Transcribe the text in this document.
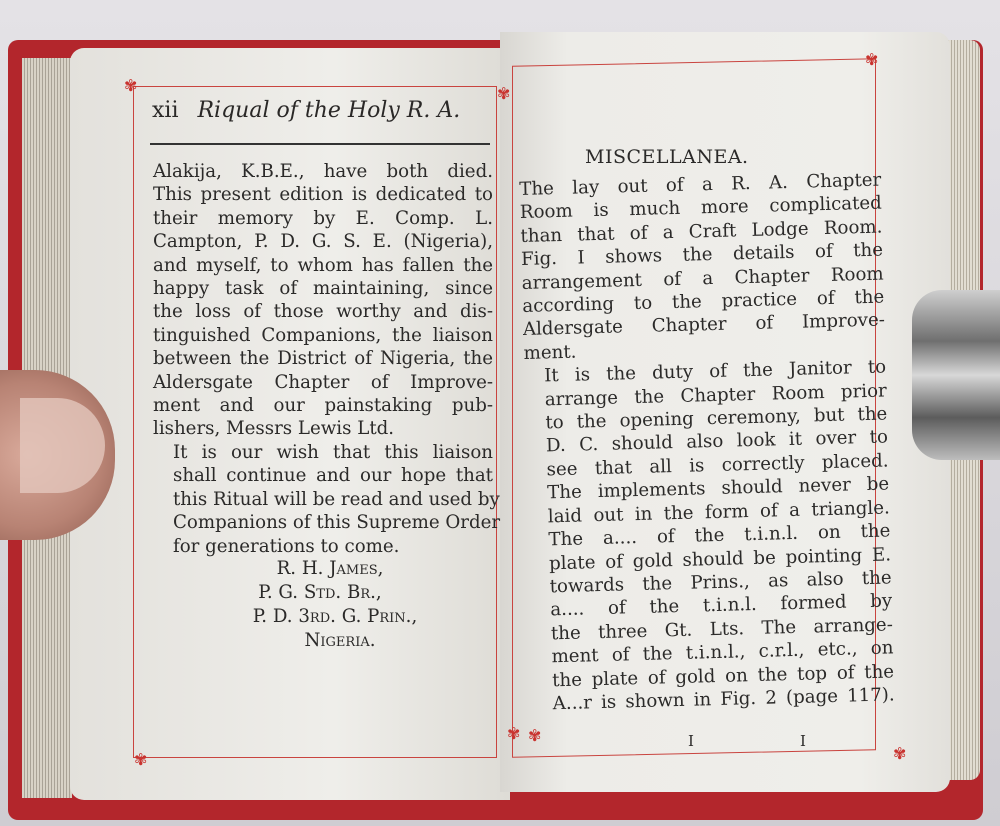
✾	✾
✾
✾
✾
✾
✾
xii Riqual of the Holy R. A.
Alakija, K.B.E., have both died.
This present edition is dedicated to
their memory by E. Comp. L.
Campton, P. D. G. S. E. (Nigeria),
and myself, to whom has fallen the
happy task of maintaining, since
the loss of those worthy and dis-
tinguished Companions, the liaison
between the District of Nigeria, the
Aldersgate Chapter of Improve-
ment and our painstaking pub-
lishers, Messrs Lewis Ltd.
It is our wish that this liaison
shall continue and our hope that
this Ritual will be read and used by
Companions of this Supreme Order
for generations to come.
R. H. James,
P. G. Std. Br.,
P. D. 3rd. G. Prin.,
Nigeria.
MISCELLANEA.
The lay out of a R. A. Chapter
Room is much more complicated
than that of a Craft Lodge Room.
Fig. I shows the details of the
arrangement of a Chapter Room
according to the practice of the
Aldersgate Chapter of Improve-
ment.
It is the duty of the Janitor to
arrange the Chapter Room prior
to the opening ceremony, but the
D. C. should also look it over to
see that all is correctly placed.
The implements should never be
laid out in the form of a triangle.
The a.... of the t.i.n.l. on the
plate of gold should be pointing E.
towards the Prins., as also the
a.... of the t.i.n.l. formed by
the three Gt. Lts. The arrange-
ment of the t.i.n.l., c.r.l., etc., on
the plate of gold on the top of the
A...r is shown in Fig. 2 (page 117).
I	I
